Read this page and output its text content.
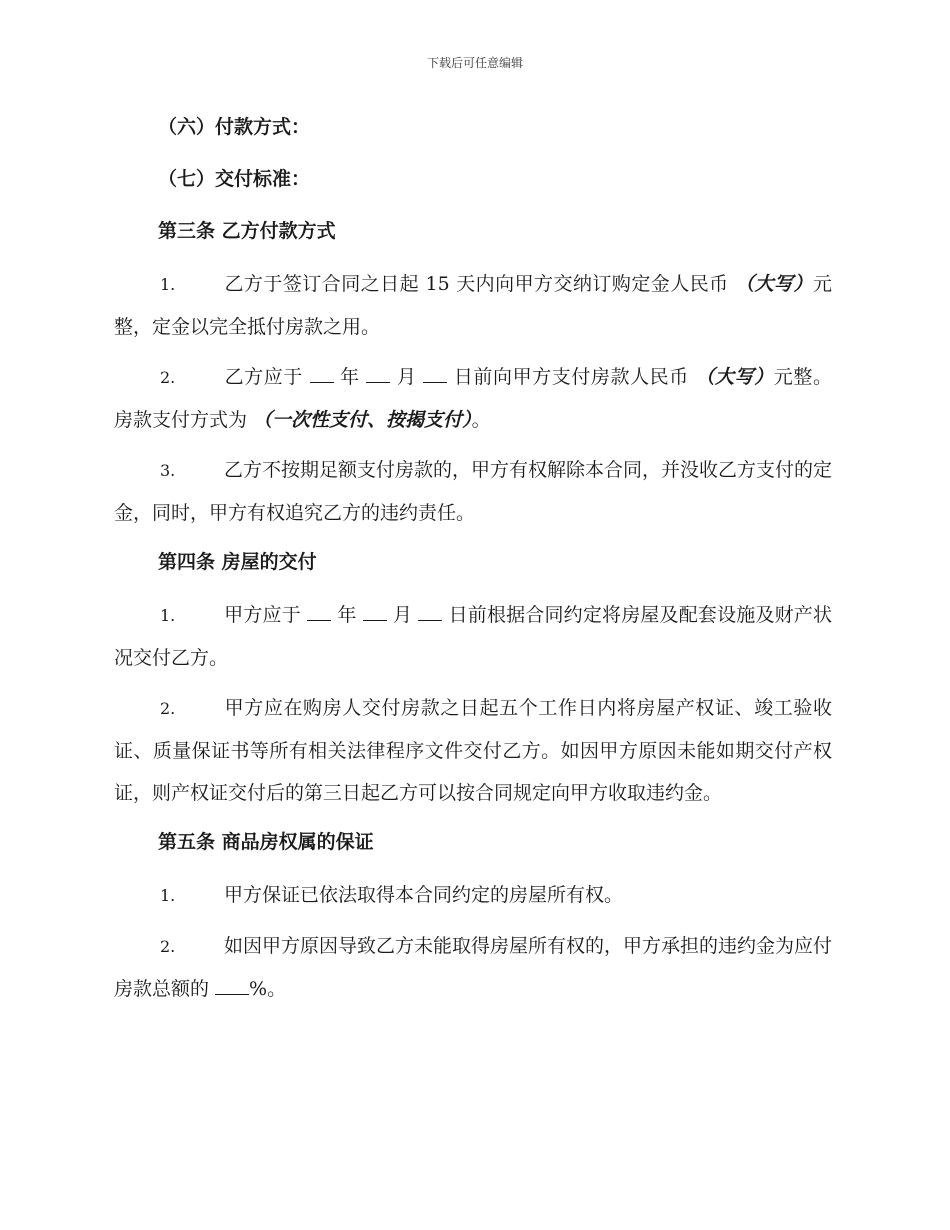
下载后可任意编辑
（六）付款方式：
（七）交付标准：
第三条 乙方付款方式

1.	乙方于签订合同之日起 15 天内向甲方交纳订购定金人民币 （大写）元整，定金以完全抵付房款之用。

2.	乙方应于  年  月  日前向甲方支付房款人民币 （大写）元整。房款支付方式为 （一次性支付、按揭支付）。

3.	乙方不按期足额支付房款的，甲方有权解除本合同，并没收乙方支付的定金，同时，甲方有权追究乙方的违约责任。

第四条 房屋的交付

1.	甲方应于  年  月  日前根据合同约定将房屋及配套设施及财产状况交付乙方。

2.	甲方应在购房人交付房款之日起五个工作日内将房屋产权证、竣工验收证、质量保证书等所有相关法律程序文件交付乙方。如因甲方原因未能如期交付产权证，则产权证交付后的第三日起乙方可以按合同规定向甲方收取违约金。

第五条 商品房权属的保证

1.	甲方保证已依法取得本合同约定的房屋所有权。

2.	如因甲方原因导致乙方未能取得房屋所有权的，甲方承担的违约金为应付房款总额的 %。
